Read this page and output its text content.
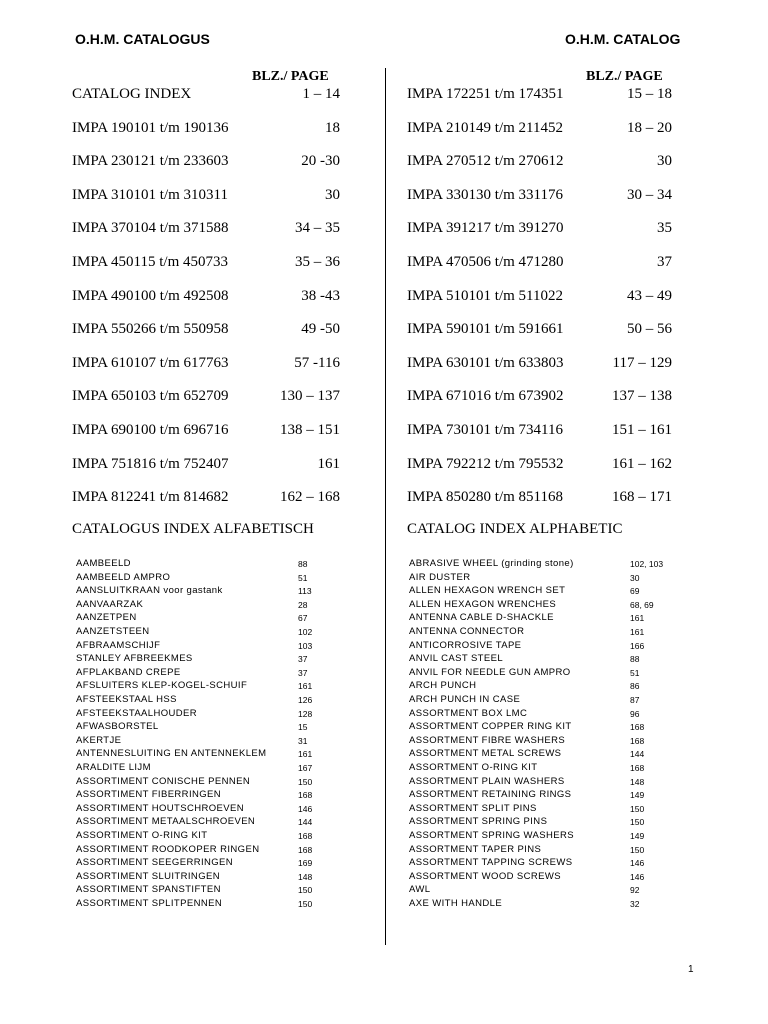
O.H.M. CATALOGUS	O.H.M. CATALOG
BLZ./ PAGE	BLZ./ PAGE
CATALOG INDEX	1 – 14
IMPA 190101 t/m 190136	18
IMPA 230121 t/m 233603	20 -30
IMPA 310101 t/m 310311	30
IMPA 370104 t/m 371588	34 – 35
IMPA 450115 t/m 450733	35 – 36
IMPA 490100 t/m 492508	38 -43
IMPA 550266 t/m 550958	49 -50
IMPA 610107 t/m 617763	57 -116
IMPA 650103 t/m 652709	130 – 137
IMPA 690100 t/m 696716	138 – 151
IMPA 751816 t/m 752407	161
IMPA 812241 t/m 814682	162 – 168
IMPA 172251 t/m 174351	15 – 18
IMPA 210149 t/m 211452	18 – 20
IMPA 270512 t/m 270612	30
IMPA 330130 t/m 331176	30 – 34
IMPA 391217 t/m 391270	35
IMPA 470506 t/m 471280	37
IMPA 510101 t/m 511022	43 – 49
IMPA 590101 t/m 591661	50 – 56
IMPA 630101 t/m 633803	117 – 129
IMPA 671016 t/m 673902	137 – 138
IMPA 730101 t/m 734116	151 – 161
IMPA 792212 t/m 795532	161 – 162
IMPA 850280 t/m 851168	168 – 171
CATALOGUS INDEX ALFABETISCH	CATALOG INDEX ALPHABETIC
AAMBEELD	88
AAMBEELD AMPRO	51
AANSLUITKRAAN voor gastank	113
AANVAARZAK	28
AANZETPEN	67
AANZETSTEEN	102
AFBRAAMSCHIJF	103
STANLEY AFBREEKMES	37
AFPLAKBAND CREPE	37
AFSLUITERS KLEP-KOGEL-SCHUIF	161
AFSTEEKSTAAL HSS	126
AFSTEEKSTAALHOUDER	128
AFWASBORSTEL	15
AKERTJE	31
ANTENNESLUITING EN ANTENNEKLEM	161
ARALDITE LIJM	167
ASSORTIMENT CONISCHE PENNEN	150
ASSORTIMENT FIBERRINGEN	168
ASSORTIMENT HOUTSCHROEVEN	146
ASSORTIMENT METAALSCHROEVEN	144
ASSORTIMENT O-RING KIT	168
ASSORTIMENT ROODKOPER RINGEN	168
ASSORTIMENT SEEGERRINGEN	169
ASSORTIMENT SLUITRINGEN	148
ASSORTIMENT SPANSTIFTEN	150
ASSORTIMENT SPLITPENNEN	150
ABRASIVE WHEEL (grinding stone)	102, 103
AIR DUSTER	30
ALLEN HEXAGON WRENCH SET	69
ALLEN HEXAGON WRENCHES	68, 69
ANTENNA CABLE D-SHACKLE	161
ANTENNA CONNECTOR	161
ANTICORROSIVE TAPE	166
ANVIL CAST STEEL	88
ANVIL FOR NEEDLE GUN AMPRO	51
ARCH PUNCH	86
ARCH PUNCH IN CASE	87
ASSORTMENT BOX LMC	96
ASSORTMENT COPPER RING KIT	168
ASSORTMENT FIBRE WASHERS	168
ASSORTMENT METAL SCREWS	144
ASSORTMENT O-RING KIT	168
ASSORTMENT PLAIN WASHERS	148
ASSORTMENT RETAINING RINGS	149
ASSORTMENT SPLIT PINS	150
ASSORTMENT SPRING PINS	150
ASSORTMENT SPRING WASHERS	149
ASSORTMENT TAPER PINS	150
ASSORTMENT TAPPING SCREWS	146
ASSORTMENT WOOD SCREWS	146
AWL	92
AXE WITH HANDLE	32
1
